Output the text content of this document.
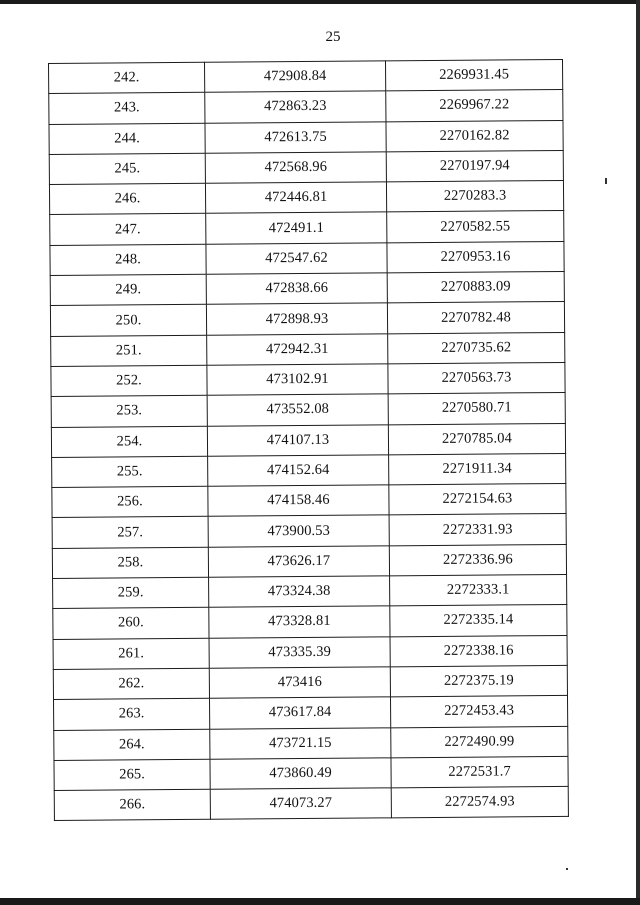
25
242.	472908.84	2269931.45
243.	472863.23	2269967.22
244.	472613.75	2270162.82
245.	472568.96	2270197.94
246.	472446.81	2270283.3
247.	472491.1	2270582.55
248.	472547.62	2270953.16
249.	472838.66	2270883.09
250.	472898.93	2270782.48
251.	472942.31	2270735.62
252.	473102.91	2270563.73
253.	473552.08	2270580.71
254.	474107.13	2270785.04
255.	474152.64	2271911.34
256.	474158.46	2272154.63
257.	473900.53	2272331.93
258.	473626.17	2272336.96
259.	473324.38	2272333.1
260.	473328.81	2272335.14
261.	473335.39	2272338.16
262.	473416	2272375.19
263.	473617.84	2272453.43
264.	473721.15	2272490.99
265.	473860.49	2272531.7
266.	474073.27	2272574.93
